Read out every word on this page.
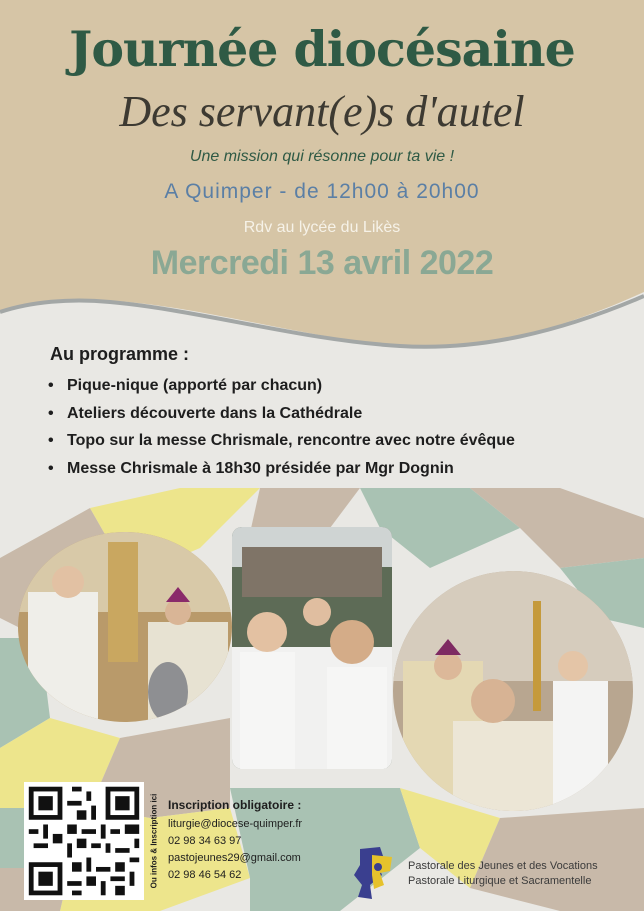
Journée diocésaine
Des servant(e)s d'autel
Une mission qui résonne pour ta vie !
A Quimper - de 12h00 à 20h00
Rdv au lycée du Likès
Mercredi 13 avril 2022
Au programme :
• Pique-nique (apporté par chacun)
• Ateliers découverte dans la Cathédrale
• Topo sur la messe Chrismale, rencontre avec notre évêque
• Messe Chrismale à 18h30 présidée par Mgr Dognin
Ou infos & Inscription ici Inscription obligatoire :
liturgie@diocese-quimper.fr
02 98 34 63 97
pastojeunes29@gmail.com
02 98 46 54 62
Pastorale des Jeunes et des Vocations
Pastorale Liturgique et Sacramentelle
